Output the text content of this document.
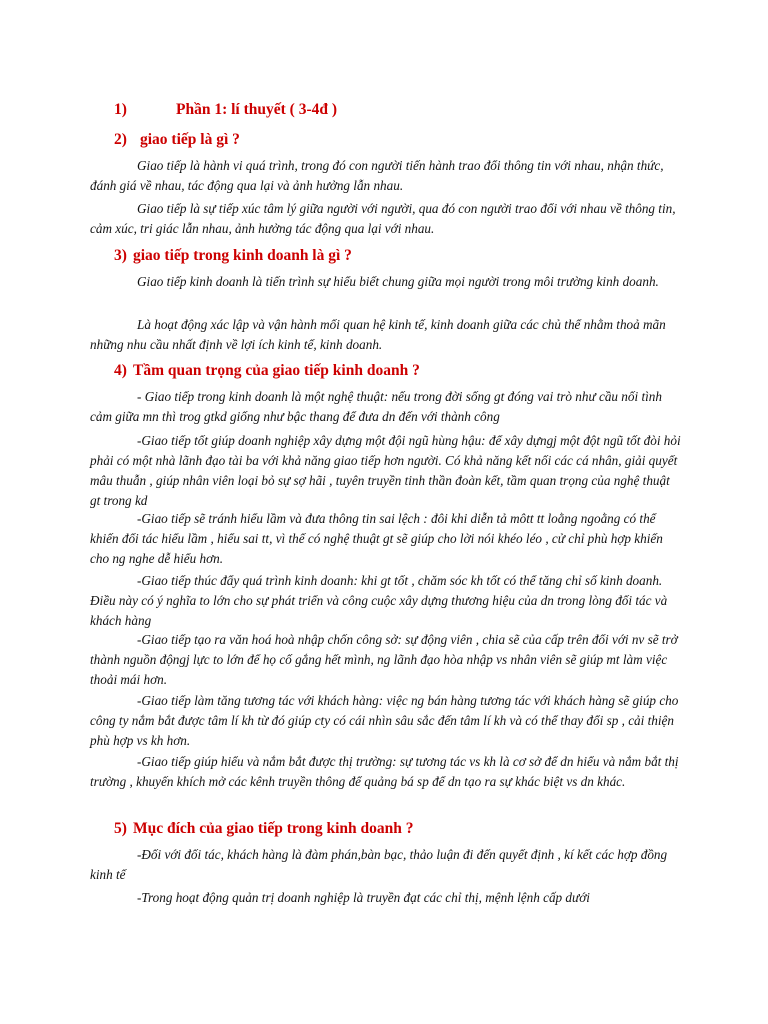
1)	Phần 1: lí thuyết ( 3-4đ )
2) giao tiếp là gì ?
Giao tiếp là hành vi quá trình, trong đó con người tiến hành trao đổi thông tin với nhau, nhận thức, đánh giá về nhau, tác động qua lại và ảnh hưởng lẫn nhau.
Giao tiếp là sự tiếp xúc tâm lý giữa người với người, qua đó con người trao đổi với nhau về thông tin, cảm xúc, tri giác lẫn nhau, ảnh hưởng tác động qua lại với nhau.
3) giao tiếp trong kinh doanh là gì ?
Giao tiếp kinh doanh là tiến trình sự hiểu biết chung giữa mọi người trong môi trường kinh doanh.
Là hoạt động xác lập và vận hành mối quan hệ kinh tế, kinh doanh giữa các chủ thể nhằm thoả mãn những nhu cầu nhất định về lợi ích kinh tế, kinh doanh.
4) Tầm quan trọng của giao tiếp kinh doanh ?
- Giao tiếp trong kinh doanh là một nghệ thuật: nếu trong đời sống gt đóng vai trò như cầu nối tình cảm giữa mn thì trog gtkd giống như bậc thang để đưa dn đến với thành công
-Giao tiếp tốt giúp doanh nghiệp xây dựng một đội ngũ hùng hậu: để xây dựngj một đột ngũ tốt đòi hỏi phải có một nhà lãnh đạo tài ba với khả năng giao tiếp hơn người. Có khả năng kết nối các cá nhân, giải quyết mâu thuẫn , giúp nhân viên loại bỏ sự sợ hãi , tuyên truyền tinh thần đoàn kết, tầm quan trọng của nghệ thuật gt trong kd
-Giao tiếp sẽ tránh hiểu lầm và đưa thông tin sai lệch : đôi khi diễn tả môtt tt loằng ngoằng có thể khiến đối tác hiểu lầm , hiểu sai tt, vì thế có nghệ thuật gt sẽ giúp cho lời nói khéo léo , cử chỉ phù hợp khiến cho ng nghe dễ hiểu hơn.
-Giao tiếp thúc đẩy quá trình kinh doanh: khi gt tốt , chăm sóc kh tốt có thể tăng chỉ số kinh doanh. Điều này có ý nghĩa to lớn cho sự phát triển và công cuộc xây dựng thương hiệu của dn trong lòng đối tác và khách hàng
-Giao tiếp tạo ra văn hoá hoà nhập chốn công sở: sự động viên , chia sẽ của cấp trên đối với nv sẽ trở thành nguồn độngj lực to lớn để họ cố gắng hết mình, ng lãnh đạo hòa nhập vs nhân viên sẽ giúp mt làm việc thoải mái hơn.
-Giao tiếp làm tăng tương tác với khách hàng: việc ng bán hàng tương tác với khách hàng sẽ giúp cho công ty nắm bắt được tâm lí kh từ đó giúp cty có cái nhìn sâu sắc đến tâm lí kh và có thể thay đổi sp , cải thiện phù hợp vs kh hơn.
-Giao tiếp giúp hiểu và nắm bắt được thị trường: sự tương tác vs kh là cơ sở để dn hiểu và nắm bắt thị trường , khuyến khích mở các kênh truyền thông để quảng bá sp để dn tạo ra sự khác biệt vs dn khác.
5) Mục đích của giao tiếp trong kinh doanh ?
-Đối với đối tác, khách hàng là đàm phán,bàn bạc, thảo luận đi đến quyết định , kí kết các hợp đồng kinh tế
-Trong hoạt động quản trị doanh nghiệp là truyền đạt các chỉ thị, mệnh lệnh cấp dưới
